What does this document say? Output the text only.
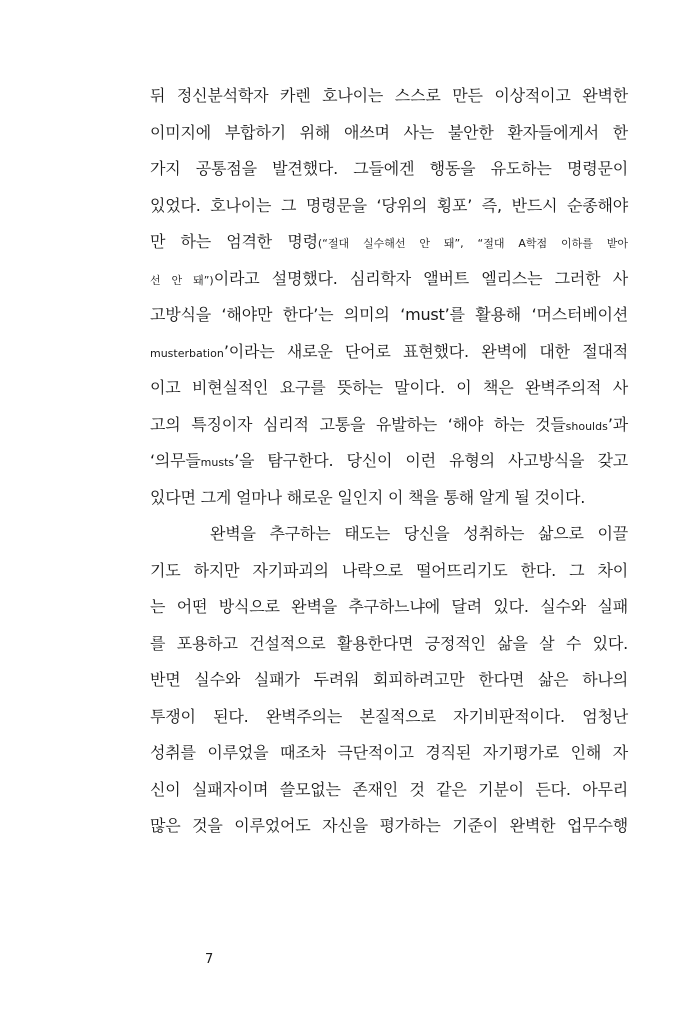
뒤 정신분석학자 카렌 호나이는 스스로 만든 이상적이고 완벽한
이미지에 부합하기 위해 애쓰며 사는 불안한 환자들에게서 한
가지 공통점을 발견했다. 그들에겐 행동을 유도하는 명령문이
있었다. 호나이는 그 명령문을 ‘당위의 횡포’ 즉, 반드시 순종해야
만 하는 엄격한 명령(“절대 실수해선 안 돼”, “절대 A학점 이하를 받아
선 안 돼”)이라고 설명했다. 심리학자 앨버트 엘리스는 그러한 사
고방식을 ‘해야만 한다’는 의미의 ‘must’를 활용해 ‘머스터베이션
musterbation’이라는 새로운 단어로 표현했다. 완벽에 대한 절대적
이고 비현실적인 요구를 뜻하는 말이다. 이 책은 완벽주의적 사
고의 특징이자 심리적 고통을 유발하는 ‘해야 하는 것들shoulds’과
‘의무들musts’을 탐구한다. 당신이 이런 유형의 사고방식을 갖고
있다면 그게 얼마나 해로운 일인지 이 책을 통해 알게 될 것이다.
완벽을 추구하는 태도는 당신을 성취하는 삶으로 이끌
기도 하지만 자기파괴의 나락으로 떨어뜨리기도 한다. 그 차이
는 어떤 방식으로 완벽을 추구하느냐에 달려 있다. 실수와 실패
를 포용하고 건설적으로 활용한다면 긍정적인 삶을 살 수 있다.
반면 실수와 실패가 두려워 회피하려고만 한다면 삶은 하나의
투쟁이 된다. 완벽주의는 본질적으로 자기비판적이다. 엄청난
성취를 이루었을 때조차 극단적이고 경직된 자기평가로 인해 자
신이 실패자이며 쓸모없는 존재인 것 같은 기분이 든다. 아무리
많은 것을 이루었어도 자신을 평가하는 기준이 완벽한 업무수행
7
